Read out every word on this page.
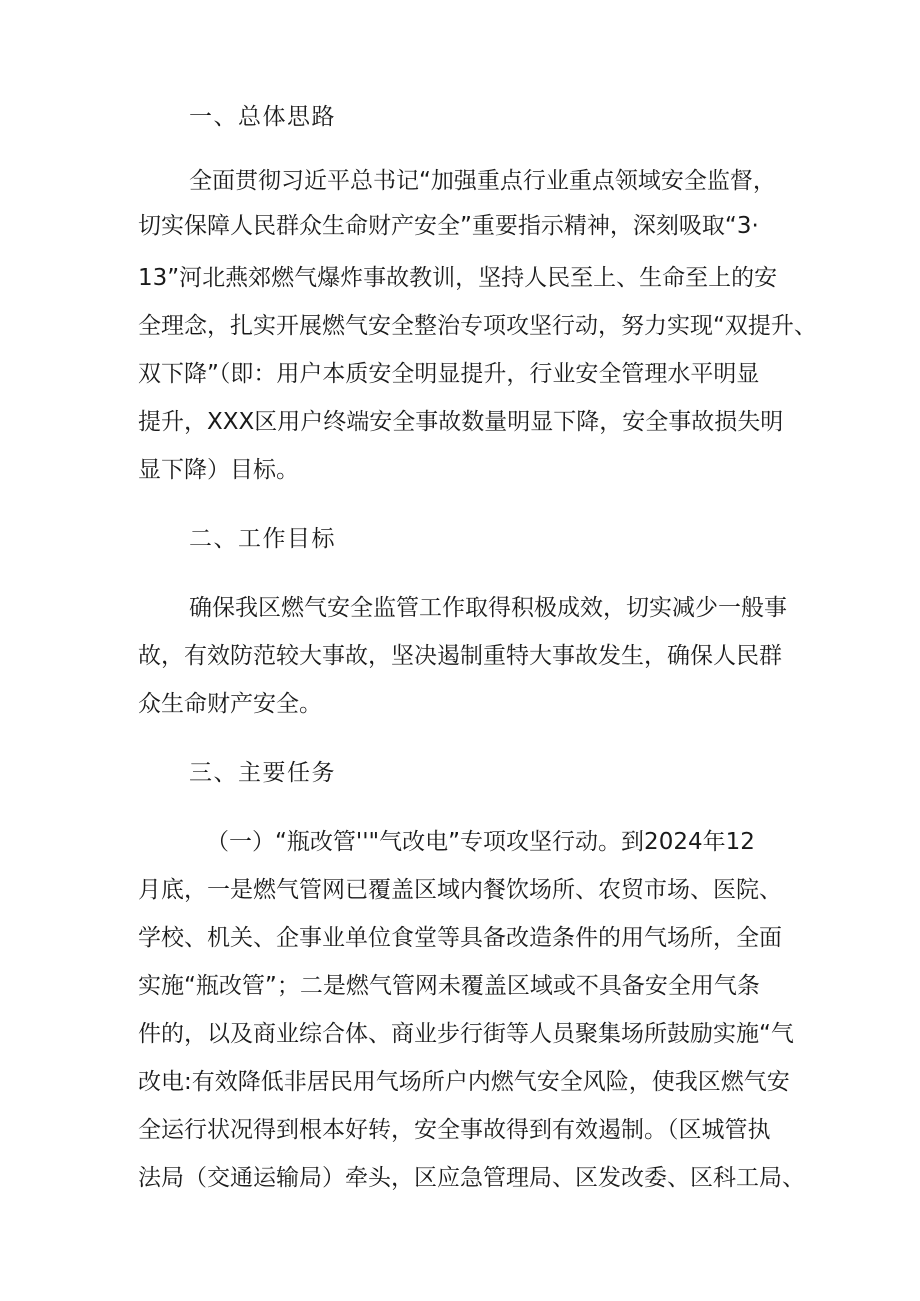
一、总体思路

全面贯彻习近平总书记“加强重点行业重点领域安全监督，

切实保障人民群众生命财产安全”重要指示精神，深刻吸取“3·

13”河北燕郊燃气爆炸事故教训，坚持人民至上、生命至上的安

全理念，扎实开展燃气安全整治专项攻坚行动，努力实现“双提升、

双下降”（即：用户本质安全明显提升，行业安全管理水平明显

提升，XXX区用户终端安全事故数量明显下降，安全事故损失明

显下降）目标。

二、工作目标

确保我区燃气安全监管工作取得积极成效，切实减少一般事

故，有效防范较大事故，坚决遏制重特大事故发生，确保人民群

众生命财产安全。

三、主要任务

（一）“瓶改管''"气改电”专项攻坚行动。到2024年12

月底，一是燃气管网已覆盖区域内餐饮场所、农贸市场、医院、

学校、机关、企事业单位食堂等具备改造条件的用气场所，全面

实施“瓶改管”；二是燃气管网未覆盖区域或不具备安全用气条

件的，以及商业综合体、商业步行街等人员聚集场所鼓励实施“气

改电:有效降低非居民用气场所户内燃气安全风险，使我区燃气安

全运行状况得到根本好转，安全事故得到有效遏制。（区城管执

法局（交通运输局）牵头，区应急管理局、区发改委、区科工局、
